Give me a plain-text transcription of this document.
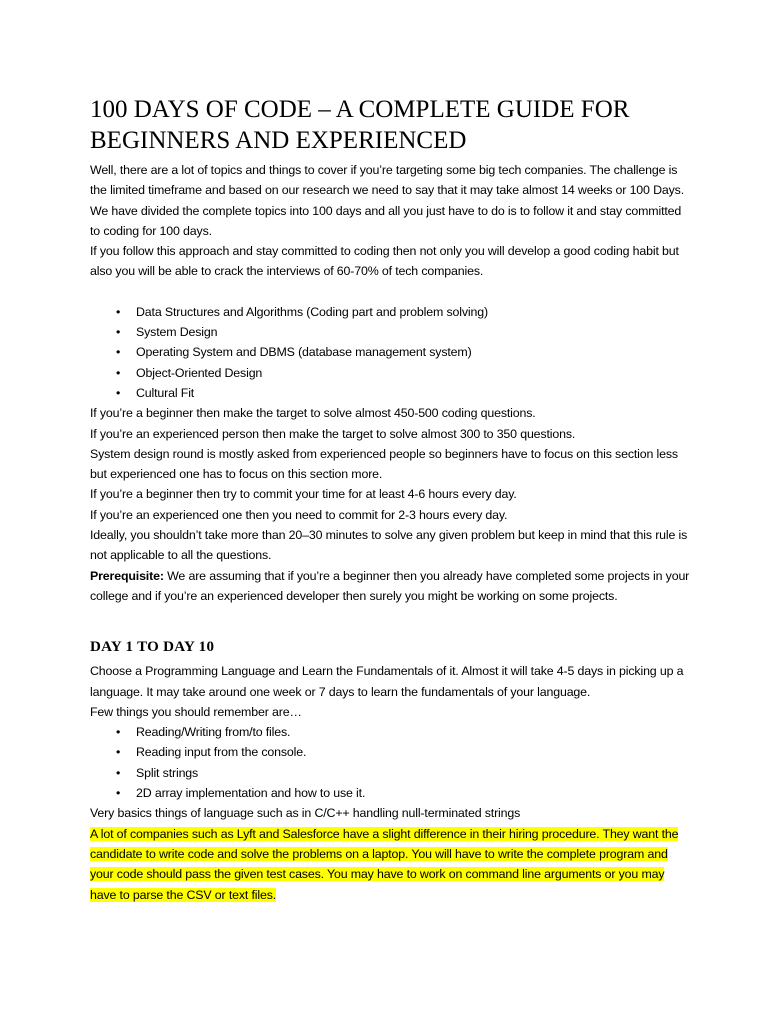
100 DAYS OF CODE – A COMPLETE GUIDE FOR
BEGINNERS AND EXPERIENCED

Well, there are a lot of topics and things to cover if you’re targeting some big tech companies. The challenge is the limited timeframe and based on our research we need to say that it may take almost 14 weeks or 100 Days. We have divided the complete topics into 100 days and all you just have to do is to follow it and stay committed to coding for 100 days.

If you follow this approach and stay committed to coding then not only you will develop a good coding habit but also you will be able to crack the interviews of 60-70% of tech companies.

• Data Structures and Algorithms (Coding part and problem solving)
• System Design
• Operating System and DBMS (database management system)
• Object-Oriented Design
• Cultural Fit

If you’re a beginner then make the target to solve almost 450-500 coding questions.

If you’re an experienced person then make the target to solve almost 300 to 350 questions.

System design round is mostly asked from experienced people so beginners have to focus on this section less but experienced one has to focus on this section more.

If you’re a beginner then try to commit your time for at least 4-6 hours every day.

If you’re an experienced one then you need to commit for 2-3 hours every day.

Ideally, you shouldn’t take more than 20–30 minutes to solve any given problem but keep in mind that this rule is not applicable to all the questions.

Prerequisite: We are assuming that if you’re a beginner then you already have completed some projects in your college and if you’re an experienced developer then surely you might be working on some projects.

DAY 1 TO DAY 10

Choose a Programming Language and Learn the Fundamentals of it. Almost it will take 4-5 days in picking up a language. It may take around one week or 7 days to learn the fundamentals of your language.

Few things you should remember are…

• Reading/Writing from/to files.
• Reading input from the console.
• Split strings
• 2D array implementation and how to use it.

Very basics things of language such as in C/C++ handling null-terminated strings

A lot of companies such as Lyft and Salesforce have a slight difference in their hiring procedure. They want the candidate to write code and solve the problems on a laptop. You will have to write the complete program and your code should pass the given test cases. You may have to work on command line arguments or you may have to parse the CSV or text files.
